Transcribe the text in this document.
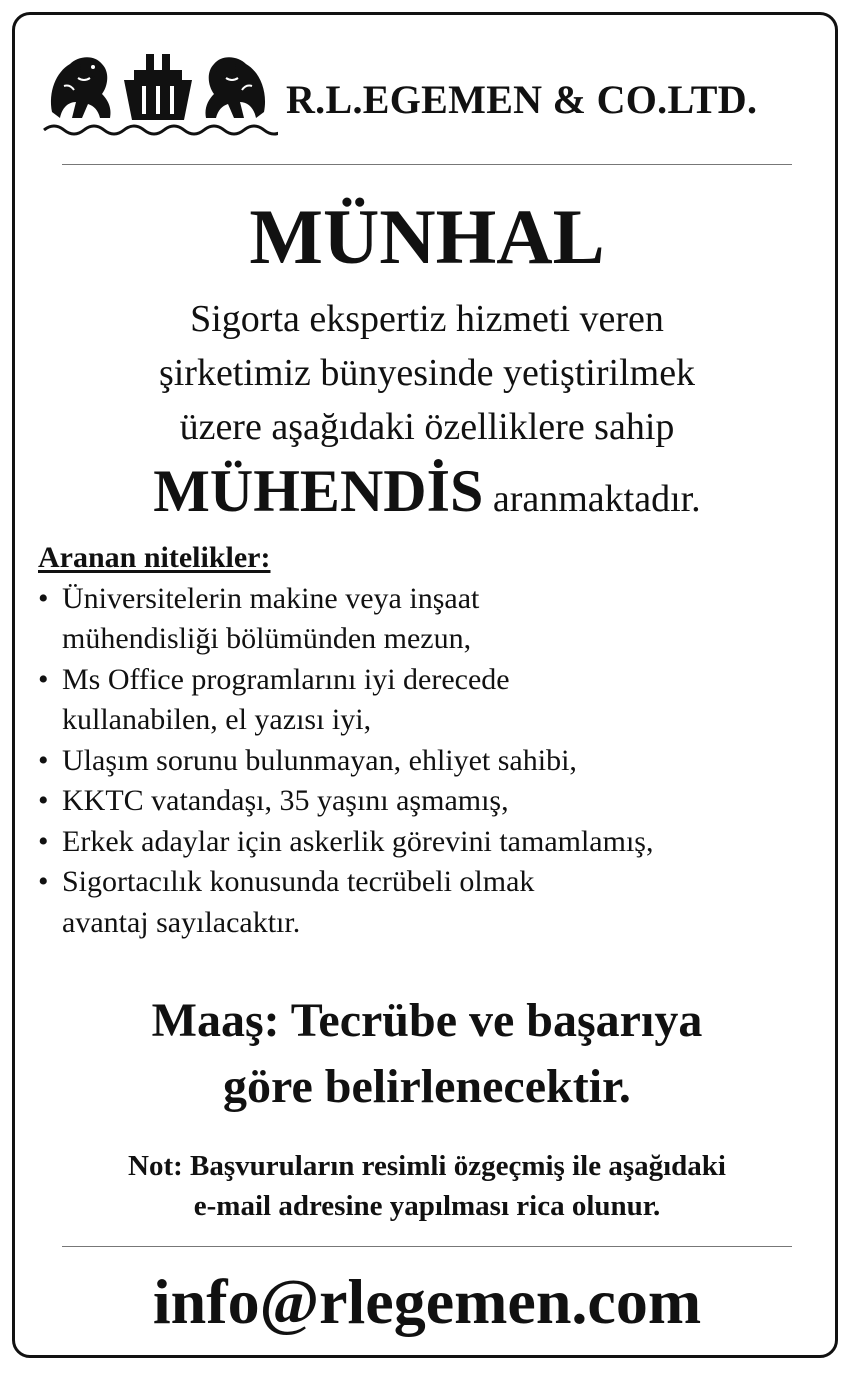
R.L.EGEMEN & CO.LTD.
MÜNHAL
Sigorta ekspertiz hizmeti veren
şirketimiz bünyesinde yetiştirilmek
üzere aşağıdaki özelliklere sahip
MÜHENDİS aranmaktadır.
Aranan nitelikler:
• Üniversitelerin makine veya inşaat
mühendisliği bölümünden mezun,
• Ms Office programlarını iyi derecede
kullanabilen, el yazısı iyi,
• Ulaşım sorunu bulunmayan, ehliyet sahibi,
• KKTC vatandaşı, 35 yaşını aşmamış,
• Erkek adaylar için askerlik görevini tamamlamış,
• Sigortacılık konusunda tecrübeli olmak
avantaj sayılacaktır.
Maaş: Tecrübe ve başarıya
göre belirlenecektir.
Not: Başvuruların resimli özgeçmiş ile aşağıdaki
e-mail adresine yapılması rica olunur.
info@rlegemen.com
